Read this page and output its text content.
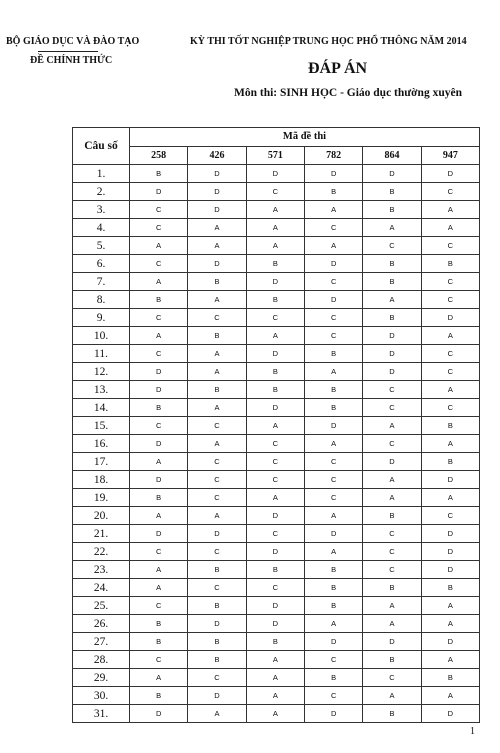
BỘ GIÁO DỤC VÀ ĐÀO TẠO
ĐỀ CHÍNH THỨC
KỲ THI TỐT NGHIỆP TRUNG HỌC PHỔ THÔNG NĂM 2014
ĐÁP ÁN
Môn thi: SINH HỌC - Giáo dục thường xuyên
Câu số	Mã đề thi					
	258	426	571	782	864	947
1.	B	D	D	D	D	D
2.	D	D	C	B	B	C
3.	C	D	A	A	B	A
4.	C	A	A	C	A	A
5.	A	A	A	A	C	C
6.	C	D	B	D	B	B
7.	A	B	D	C	B	C
8.	B	A	B	D	A	C
9.	C	C	C	C	B	D
10.	A	B	A	C	D	A
11.	C	A	D	B	D	C
12.	D	A	B	A	D	C
13.	D	B	B	B	C	A
14.	B	A	D	B	C	C
15.	C	C	A	D	A	B
16.	D	A	C	A	C	A
17.	A	C	C	C	D	B
18.	D	C	C	C	A	D
19.	B	C	A	C	A	A
20.	A	A	D	A	B	C
21.	D	D	C	D	C	D
22.	C	C	D	A	C	D
23.	A	B	B	B	C	D
24.	A	C	C	B	B	B
25.	C	B	D	B	A	A
26.	B	D	D	A	A	A
27.	B	B	B	D	D	D
28.	C	B	A	C	B	A
29.	A	C	A	B	C	B
30.	B	D	A	C	A	A
31.	D	A	A	D	B	D
1
